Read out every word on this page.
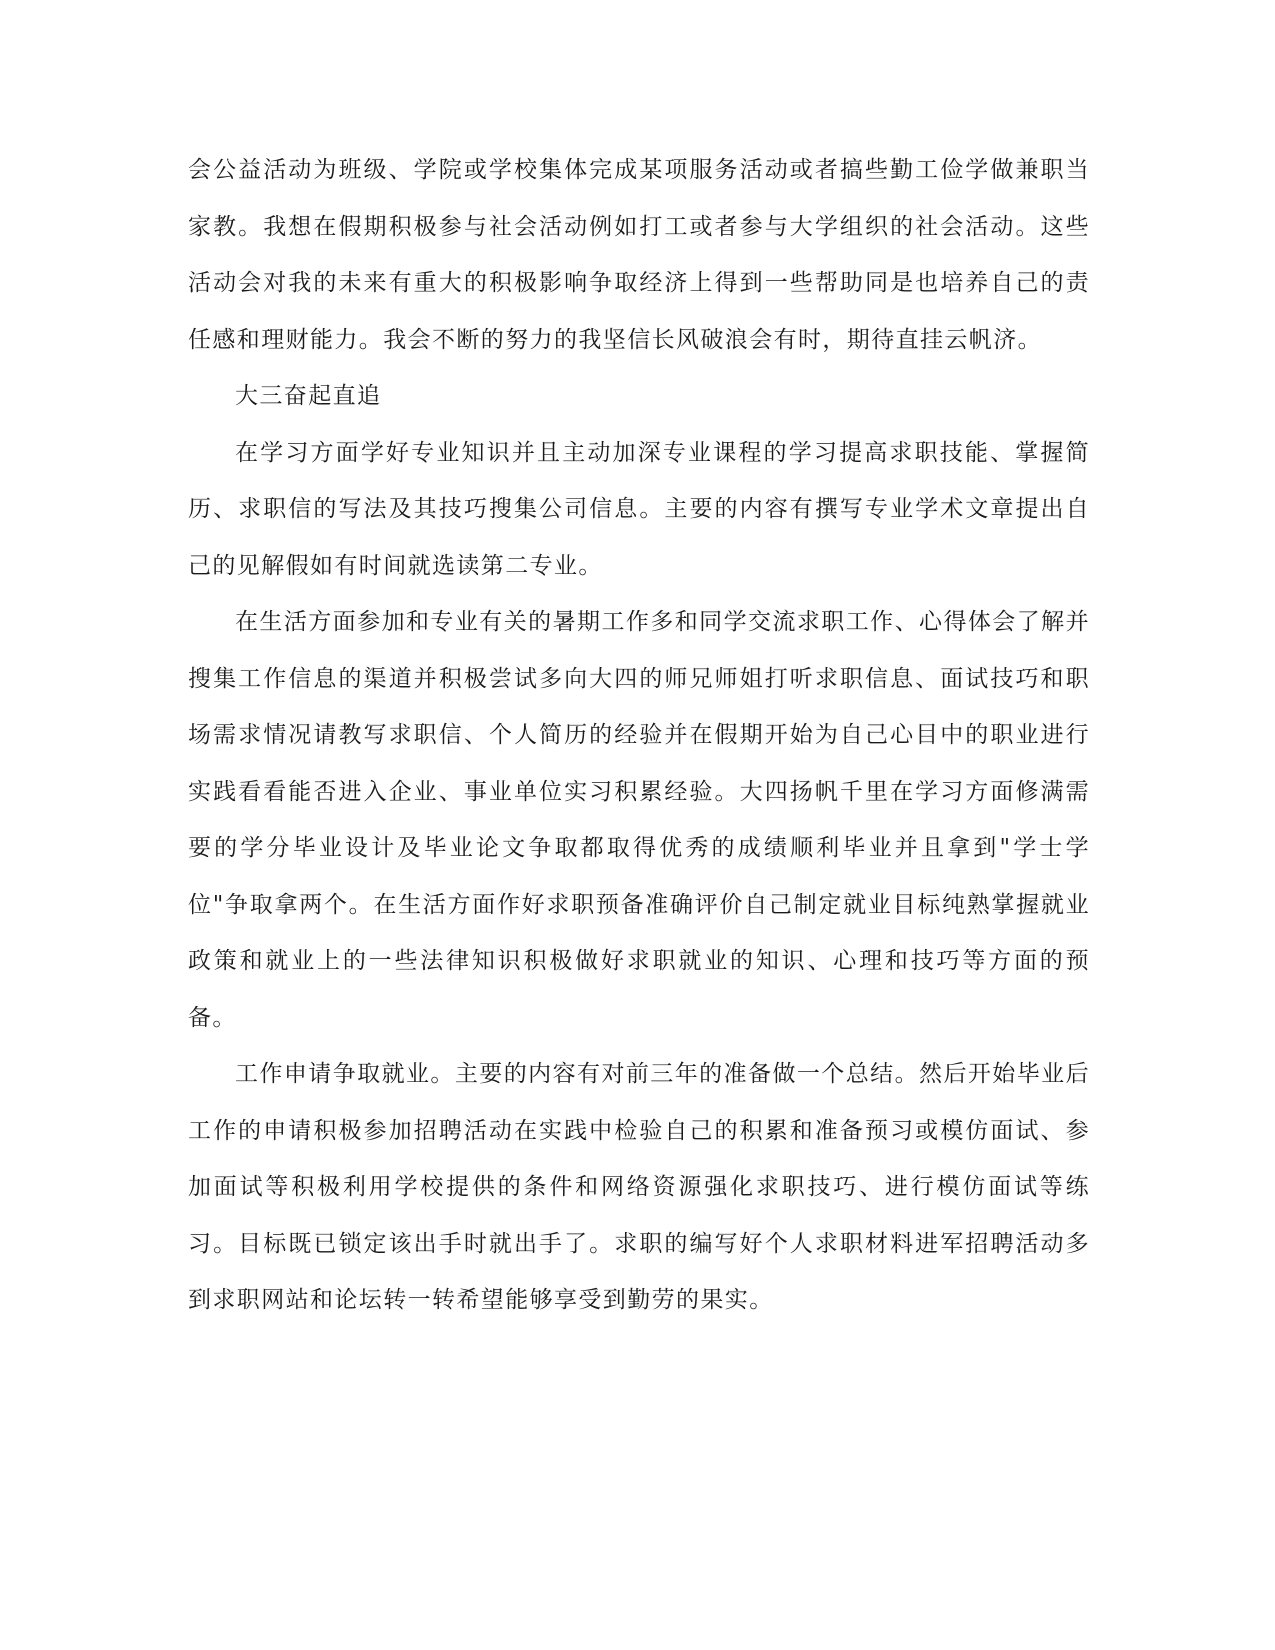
会公益活动为班级、学院或学校集体完成某项服务活动或者搞些勤工俭学做兼职当家教。我想在假期积极参与社会活动例如打工或者参与大学组织的社会活动。这些活动会对我的未来有重大的积极影响争取经济上得到一些帮助同是也培养自己的责任感和理财能力。我会不断的努力的我坚信长风破浪会有时，期待直挂云帆济。

大三奋起直追

在学习方面学好专业知识并且主动加深专业课程的学习提高求职技能、掌握简历、求职信的写法及其技巧搜集公司信息。主要的内容有撰写专业学术文章提出自己的见解假如有时间就选读第二专业。

在生活方面参加和专业有关的暑期工作多和同学交流求职工作、心得体会了解并搜集工作信息的渠道并积极尝试多向大四的师兄师姐打听求职信息、面试技巧和职场需求情况请教写求职信、个人简历的经验并在假期开始为自己心目中的职业进行实践看看能否进入企业、事业单位实习积累经验。大四扬帆千里在学习方面修满需要的学分毕业设计及毕业论文争取都取得优秀的成绩顺利毕业并且拿到"学士学位"争取拿两个。在生活方面作好求职预备准确评价自己制定就业目标纯熟掌握就业政策和就业上的一些法律知识积极做好求职就业的知识、心理和技巧等方面的预备。

工作申请争取就业。主要的内容有对前三年的准备做一个总结。然后开始毕业后工作的申请积极参加招聘活动在实践中检验自己的积累和准备预习或模仿面试、参加面试等积极利用学校提供的条件和网络资源强化求职技巧、进行模仿面试等练习。目标既已锁定该出手时就出手了。求职的编写好个人求职材料进军招聘活动多到求职网站和论坛转一转希望能够享受到勤劳的果实。
